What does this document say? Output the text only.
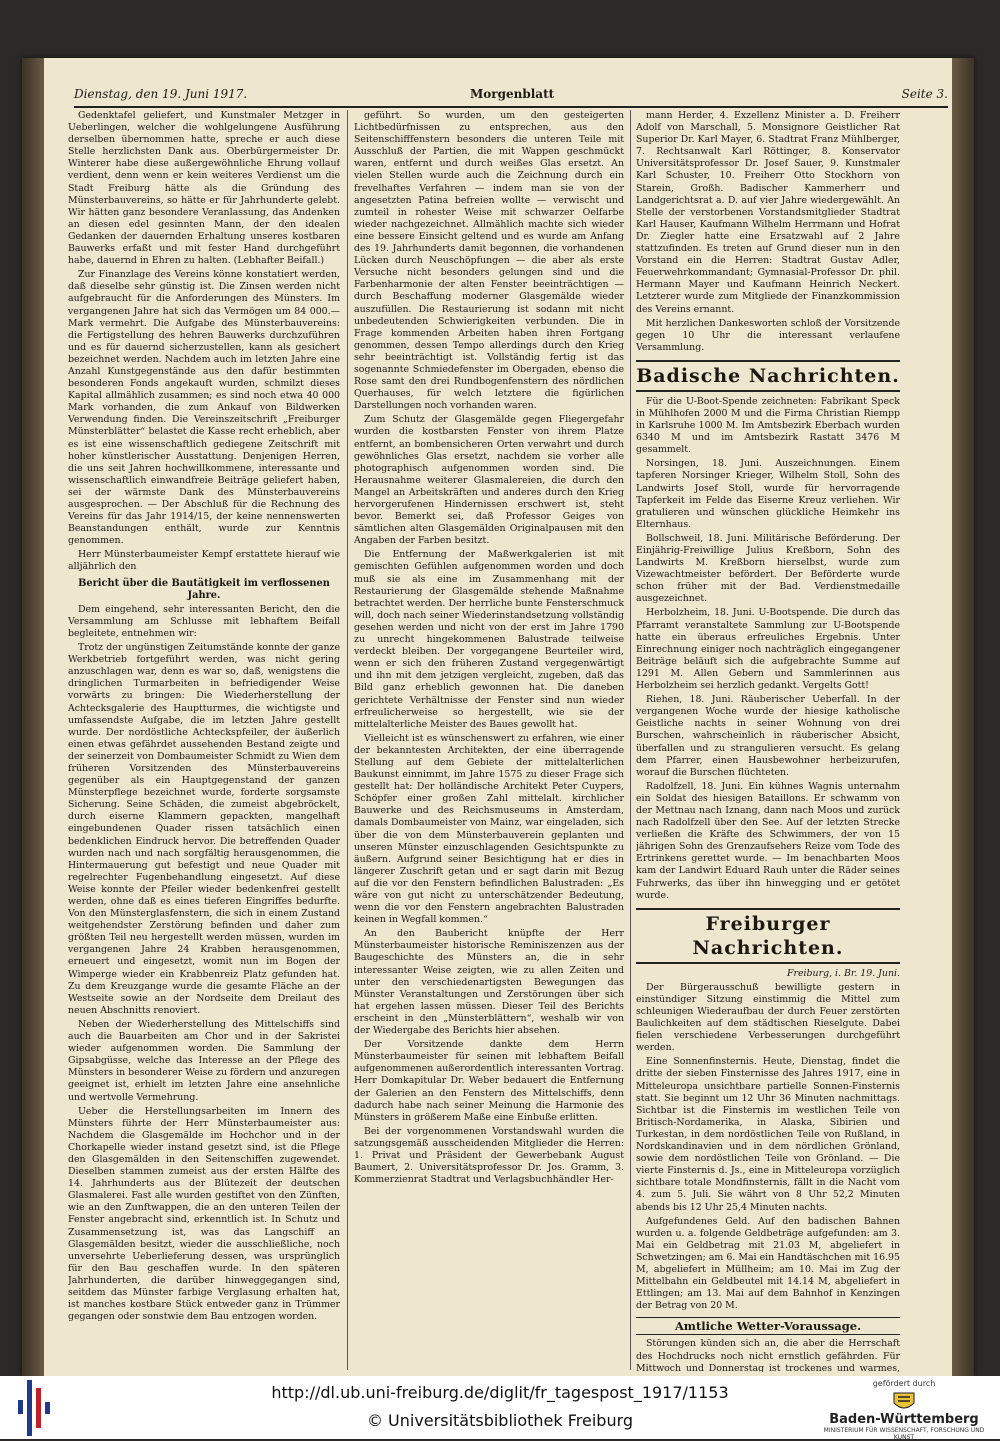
Dienstag, den 19. Juni 1917.	Morgenblatt	Seite 3.

Gedenktafel geliefert, und Kunstmaler Metzger in Ueberlingen, welcher die wohlgelungene Ausführung derselben übernommen hatte, spreche er auch diese Stelle herzlichsten Dank aus. Oberbürgermeister Dr. Winterer habe diese außergewöhnliche Ehrung vollauf verdient, denn wenn er kein weiteres Verdienst um die Stadt Freiburg hätte als die Gründung des Münsterbauvereins, so hätte er für Jahrhunderte gelebt. Wir hätten ganz besondere Veranlassung, das Andenken an diesen edel gesinnten Mann, der den idealen Gedanken der dauernden Erhaltung unseres kostbaren Bauwerks erfaßt und mit fester Hand durchgeführt habe, dauernd in Ehren zu halten. (Lebhafter Beifall.)

Zur Finanzlage des Vereins könne konstatiert werden, daß dieselbe sehr günstig ist. Die Zinsen werden nicht aufgebraucht für die Anforderungen des Münsters. Im vergangenen Jahre hat sich das Vermögen um 84 000.— Mark vermehrt. Die Aufgabe des Münsterbauvereins: die Fertigstellung des hehren Bauwerks durchzuführen und es für dauernd sicherzustellen, kann als gesichert bezeichnet werden. Nachdem auch im letzten Jahre eine Anzahl Kunstgegenstände aus den dafür bestimmten besonderen Fonds angekauft wurden, schmilzt dieses Kapital allmählich zusammen; es sind noch etwa 40 000 Mark vorhanden, die zum Ankauf von Bildwerken Verwendung finden. Die Vereinszeitschrift „Freiburger Münsterblätter“ belastet die Kasse recht erheblich, aber es ist eine wissenschaftlich gediegene Zeitschrift mit hoher künstlerischer Ausstattung. Denjenigen Herren, die uns seit Jahren hochwillkommene, interessante und wissenschaftlich einwandfreie Beiträge geliefert haben, sei der wärmste Dank des Münsterbauvereins ausgesprochen. — Der Abschluß für die Rechnung des Vereins für das Jahr 1914/15, der keine nennenswerten Beanstandungen enthält, wurde zur Kenntnis genommen.

Herr Münsterbaumeister Kempf erstattete hierauf wie alljährlich den

Bericht über die Bautätigkeit im verflossenen Jahre.

Dem eingehend, sehr interessanten Bericht, den die Versammlung am Schlusse mit lebhaftem Beifall begleitete, entnehmen wir:

Trotz der ungünstigen Zeitumstände konnte der ganze Werkbetrieb fortgeführt werden, was nicht gering anzuschlagen war, denn es war so, daß, wenigstens die dringlichen Turmarbeiten in befriedigender Weise vorwärts zu bringen: Die Wiederherstellung der Achtecksgalerie des Hauptturmes, die wichtigste und umfassendste Aufgabe, die im letzten Jahre gestellt wurde. Der nordöstliche Achteckspfeiler, der äußerlich einen etwas gefährdet aussehenden Bestand zeigte und der seinerzeit von Dombaumeister Schmidt zu Wien dem früheren Vorsitzenden des Münsterbauvereins gegenüber als ein Hauptgegenstand der ganzen Münsterpflege bezeichnet wurde, forderte sorgsamste Sicherung. Seine Schäden, die zumeist abgebröckelt, durch eiserne Klammern gepackten, mangelhaft eingebundenen Quader rissen tatsächlich einen bedenklichen Eindruck hervor. Die betreffenden Quader wurden nach und nach sorgfältig herausgenommen, die Hintermauerung gut befestigt und neue Quader mit regelrechter Fugenbehandlung eingesetzt. Auf diese Weise konnte der Pfeiler wieder bedenkenfrei gestellt werden, ohne daß es eines tieferen Eingriffes bedurfte. Von den Münsterglasfenstern, die sich in einem Zustand weitgehendster Zerstörung befinden und daher zum größten Teil neu hergestellt werden müssen, wurden im vergangenen Jahre 24 Krabben herausgenommen, erneuert und eingesetzt, womit nun im Bogen der Wimperge wieder ein Krabbenreiz Platz gefunden hat. Zu dem Kreuzgange wurde die gesamte Fläche an der Westseite sowie an der Nordseite dem Dreilaut des neuen Abschnitts renoviert.

Neben der Wiederherstellung des Mittelschiffs sind auch die Bauarbeiten am Chor und in der Sakristei wieder aufgenommen worden. Die Sammlung der Gipsabgüsse, welche das Interesse an der Pflege des Münsters in besonderer Weise zu fördern und anzuregen geeignet ist, erhielt im letzten Jahre eine ansehnliche und wertvolle Vermehrung.

Ueber die Herstellungsarbeiten im Innern des Münsters führte der Herr Münsterbaumeister aus: Nachdem die Glasgemälde im Hochchor und in der Chorkapelle wieder instand gesetzt sind, ist die Pflege den Glasgemälden in den Seitenschiffen zugewendet. Dieselben stammen zumeist aus der ersten Hälfte des 14. Jahrhunderts aus der Blütezeit der deutschen Glasmalerei. Fast alle wurden gestiftet von den Zünften, wie an den Zunftwappen, die an den unteren Teilen der Fenster angebracht sind, erkenntlich ist. In Schutz und Zusammensetzung ist, was das Langschiff an Glasgemälden besitzt, wieder die ausschließliche, noch unversehrte Ueberlieferung dessen, was ursprünglich für den Bau geschaffen wurde. In den späteren Jahrhunderten, die darüber hinweggegangen sind, seitdem das Münster farbige Verglasung erhalten hat, ist manches kostbare Stück entweder ganz in Trümmer gegangen oder sonstwie dem Bau entzogen worden.

geführt. So wurden, um den gesteigerten Lichtbedürfnissen zu entsprechen, aus den Seitenschifffenstern besonders die unteren Teile mit Ausschluß der Partien, die mit Wappen geschmückt waren, entfernt und durch weißes Glas ersetzt. An vielen Stellen wurde auch die Zeichnung durch ein frevelhaftes Verfahren — indem man sie von der angesetzten Patina befreien wollte — verwischt und zumteil in rohester Weise mit schwarzer Oelfarbe wieder nachgezeichnet. Allmählich machte sich wieder eine bessere Einsicht geltend und es wurde am Anfang des 19. Jahrhunderts damit begonnen, die vorhandenen Lücken durch Neuschöpfungen — die aber als erste Versuche nicht besonders gelungen sind und die Farbenharmonie der alten Fenster beeinträchtigen — durch Beschaffung moderner Glasgemälde wieder auszufüllen. Die Restaurierung ist sodann mit nicht unbedeutenden Schwierigkeiten verbunden. Die in Frage kommenden Arbeiten haben ihren Fortgang genommen, dessen Tempo allerdings durch den Krieg sehr beeinträchtigt ist. Vollständig fertig ist das sogenannte Schmiedefenster im Obergaden, ebenso die Rose samt den drei Rundbogenfenstern des nördlichen Querhauses, für welch letztere die figürlichen Darstellungen noch vorhanden waren.

Zum Schutz der Glasgemälde gegen Fliegergefahr wurden die kostbarsten Fenster von ihrem Platze entfernt, an bombensicheren Orten verwahrt und durch gewöhnliches Glas ersetzt, nachdem sie vorher alle photographisch aufgenommen worden sind. Die Herausnahme weiterer Glasmalereien, die durch den Mangel an Arbeitskräften und anderes durch den Krieg hervorgerufenen Hindernissen erschwert ist, steht bevor. Bemerkt sei, daß Professor Geiges von sämtlichen alten Glasgemälden Originalpausen mit den Angaben der Farben besitzt.

Die Entfernung der Maßwerkgalerien ist mit gemischten Gefühlen aufgenommen worden und doch muß sie als eine im Zusammenhang mit der Restaurierung der Glasgemälde stehende Maßnahme betrachtet werden. Der herrliche bunte Fensterschmuck will, doch nach seiner Wiederinstandsetzung vollständig gesehen werden und nicht von der erst im Jahre 1790 zu unrecht hingekommenen Balustrade teilweise verdeckt bleiben. Der vorgegangene Beurteiler wird, wenn er sich den früheren Zustand vergegenwärtigt und ihn mit dem jetzigen vergleicht, zugeben, daß das Bild ganz erheblich gewonnen hat. Die daneben gerichtete Verhältnisse der Fenster sind nun wieder erfreulicherweise so hergestellt, wie sie der mittelalterliche Meister des Baues gewollt hat.

Vielleicht ist es wünschenswert zu erfahren, wie einer der bekanntesten Architekten, der eine überragende Stellung auf dem Gebiete der mittelalterlichen Baukunst einnimmt, im Jahre 1575 zu dieser Frage sich gestellt hat: Der holländische Architekt Peter Cuypers, Schöpfer einer großen Zahl mittelalt. kirchlicher Bauwerke und des Reichsmuseums in Amsterdam, damals Dombaumeister von Mainz, war eingeladen, sich über die von dem Münsterbauverein geplanten und unseren Münster einzuschlagenden Gesichtspunkte zu äußern. Aufgrund seiner Besichtigung hat er dies in längerer Zuschrift getan und er sagt darin mit Bezug auf die vor den Fenstern befindlichen Balustraden: „Es wäre von gut nicht zu unterschätzender Bedeutung, wenn die vor den Fenstern angebrachten Balustraden keinen in Wegfall kommen.“

An den Baubericht knüpfte der Herr Münsterbaumeister historische Reminiszenzen aus der Baugeschichte des Münsters an, die in sehr interessanter Weise zeigten, wie zu allen Zeiten und unter den verschiedenartigsten Bewegungen das Münster Veranstaltungen und Zerstörungen über sich hat ergehen lassen müssen. Dieser Teil des Berichts erscheint in den „Münsterblättern“, weshalb wir von der Wiedergabe des Berichts hier absehen.

Der Vorsitzende dankte dem Herrn Münsterbaumeister für seinen mit lebhaftem Beifall aufgenommenen außerordentlich interessanten Vortrag. Herr Domkapitular Dr. Weber bedauert die Entfernung der Galerien an den Fenstern des Mittelschiffs, denn dadurch habe nach seiner Meinung die Harmonie des Münsters in größerem Maße eine Einbuße erlitten.

Bei der vorgenommenen Vorstandswahl wurden die satzungsgemäß ausscheidenden Mitglieder die Herren: 1. Privat und Präsident der Gewerbebank August Baumert, 2. Universitätsprofessor Dr. Jos. Gramm, 3. Kommerzienrat Stadtrat und Verlagsbuchhändler Her-

mann Herder, 4. Exzellenz Minister a. D. Freiherr Adolf von Marschall, 5. Monsignore Geistlicher Rat Superior Dr. Karl Mayer, 6. Stadtrat Franz Mühlberger, 7. Rechtsanwalt Karl Röttinger, 8. Konservator Universitätsprofessor Dr. Josef Sauer, 9. Kunstmaler Karl Schuster, 10. Freiherr Otto Stockhorn von Starein, Großh. Badischer Kammerherr und Landgerichtsrat a. D. auf vier Jahre wiedergewählt. An Stelle der verstorbenen Vorstandsmitglieder Stadtrat Karl Hauser, Kaufmann Wilhelm Herrmann und Hofrat Dr. Ziegler hatte eine Ersatzwahl auf 2 Jahre stattzufinden. Es treten auf Grund dieser nun in den Vorstand ein die Herren: Stadtrat Gustav Adler, Feuerwehrkommandant; Gymnasial-Professor Dr. phil. Hermann Mayer und Kaufmann Heinrich Neckert. Letzterer wurde zum Mitgliede der Finanzkommission des Vereins ernannt.

Mit herzlichen Dankesworten schloß der Vorsitzende gegen 10 Uhr die interessant verlaufene Versammlung.

Badische Nachrichten.

Für die U-Boot-Spende zeichneten: Fabrikant Speck in Mühlhofen 2000 M und die Firma Christian Riempp in Karlsruhe 1000 M. Im Amtsbezirk Eberbach wurden 6340 M und im Amtsbezirk Rastatt 3476 M gesammelt.

Norsingen, 18. Juni. Auszeichnungen. Einem tapferen Norsinger Krieger, Wilhelm Stoll, Sohn des Landwirts Josef Stoll, wurde für hervorragende Tapferkeit im Felde das Eiserne Kreuz verliehen. Wir gratulieren und wünschen glückliche Heimkehr ins Elternhaus.

Bollschweil, 18. Juni. Militärische Beförderung. Der Einjährig-Freiwillige Julius Kreßborn, Sohn des Landwirts M. Kreßborn hierselbst, wurde zum Vizewachtmeister befördert. Der Beförderte wurde schon früher mit der Bad. Verdienstmedaille ausgezeichnet.

Herbolzheim, 18. Juni. U-Bootspende. Die durch das Pfarramt veranstaltete Sammlung zur U-Bootspende hatte ein überaus erfreuliches Ergebnis. Unter Einrechnung einiger noch nachträglich eingegangener Beiträge beläuft sich die aufgebrachte Summe auf 1291 M. Allen Gebern und Sammlerinnen aus Herbolzheim sei herzlich gedankt. Vergelts Gott!

Riehen, 18. Juni. Räuberischer Ueberfall. In der vergangenen Woche wurde der hiesige katholische Geistliche nachts in seiner Wohnung von drei Burschen, wahrscheinlich in räuberischer Absicht, überfallen und zu strangulieren versucht. Es gelang dem Pfarrer, einen Hausbewohner herbeizurufen, worauf die Burschen flüchteten.

Radolfzell, 18. Juni. Ein kühnes Wagnis unternahm ein Soldat des hiesigen Bataillons. Er schwamm von der Mettnau nach Iznang, dann nach Moos und zurück nach Radolfzell über den See. Auf der letzten Strecke verließen die Kräfte des Schwimmers, der von 15 jährigen Sohn des Grenzaufsehers Reize vom Tode des Ertrinkens gerettet wurde. — Im benachbarten Moos kam der Landwirt Eduard Rauh unter die Räder seines Fuhrwerks, das über ihn hinwegging und er getötet wurde.

Freiburger Nachrichten.
Freiburg, i. Br. 19. Juni.

Der Bürgerausschuß bewilligte gestern in einstündiger Sitzung einstimmig die Mittel zum schleunigen Wiederaufbau der durch Feuer zerstörten Baulichkeiten auf dem städtischen Rieselgute. Dabei fielen verschiedene Verbesserungen durchgeführt werden.

Eine Sonnenfinsternis. Heute, Dienstag, findet die dritte der sieben Finsternisse des Jahres 1917, eine in Mitteleuropa unsichtbare partielle Sonnen-Finsternis statt. Sie beginnt um 12 Uhr 36 Minuten nachmittags. Sichtbar ist die Finsternis im westlichen Teile von Britisch-Nordamerika, in Alaska, Sibirien und Turkestan, in dem nordöstlichen Teile von Rußland, in Nordskandinavien und in dem nördlichen Grönland, sowie dem nordöstlichen Teile von Grönland. — Die vierte Finsternis d. Js., eine in Mitteleuropa vorzüglich sichtbare totale Mondfinsternis, fällt in die Nacht vom 4. zum 5. Juli. Sie währt von 8 Uhr 52,2 Minuten abends bis 12 Uhr 25,4 Minuten nachts.

Aufgefundenes Geld. Auf den badischen Bahnen wurden u. a. folgende Geldbeträge aufgefunden: am 3. Mai ein Geldbetrag mit 21.03 M, abgeliefert in Schwetzingen; am 6. Mai ein Handtäschchen mit 16.95 M, abgeliefert in Müllheim; am 10. Mai im Zug der Mittelbahn ein Geldbeutel mit 14.14 M, abgeliefert in Ettlingen; am 13. Mai auf dem Bahnhof in Kenzingen der Betrag von 20 M.

Amtliche Wetter-Voraussage.

Störungen künden sich an, die aber die Herrschaft des Hochdrucks noch nicht ernstlich gefährden. Für Mittwoch und Donnerstag ist trockenes und warmes,

http://dl.ub.uni-freiburg.de/diglit/fr_tagespost_1917/1153
© Universitätsbibliothek Freiburg
gefördert durch
Baden-Württemberg
MINISTERIUM FÜR WISSENSCHAFT, FORSCHUNG UND KUNST
